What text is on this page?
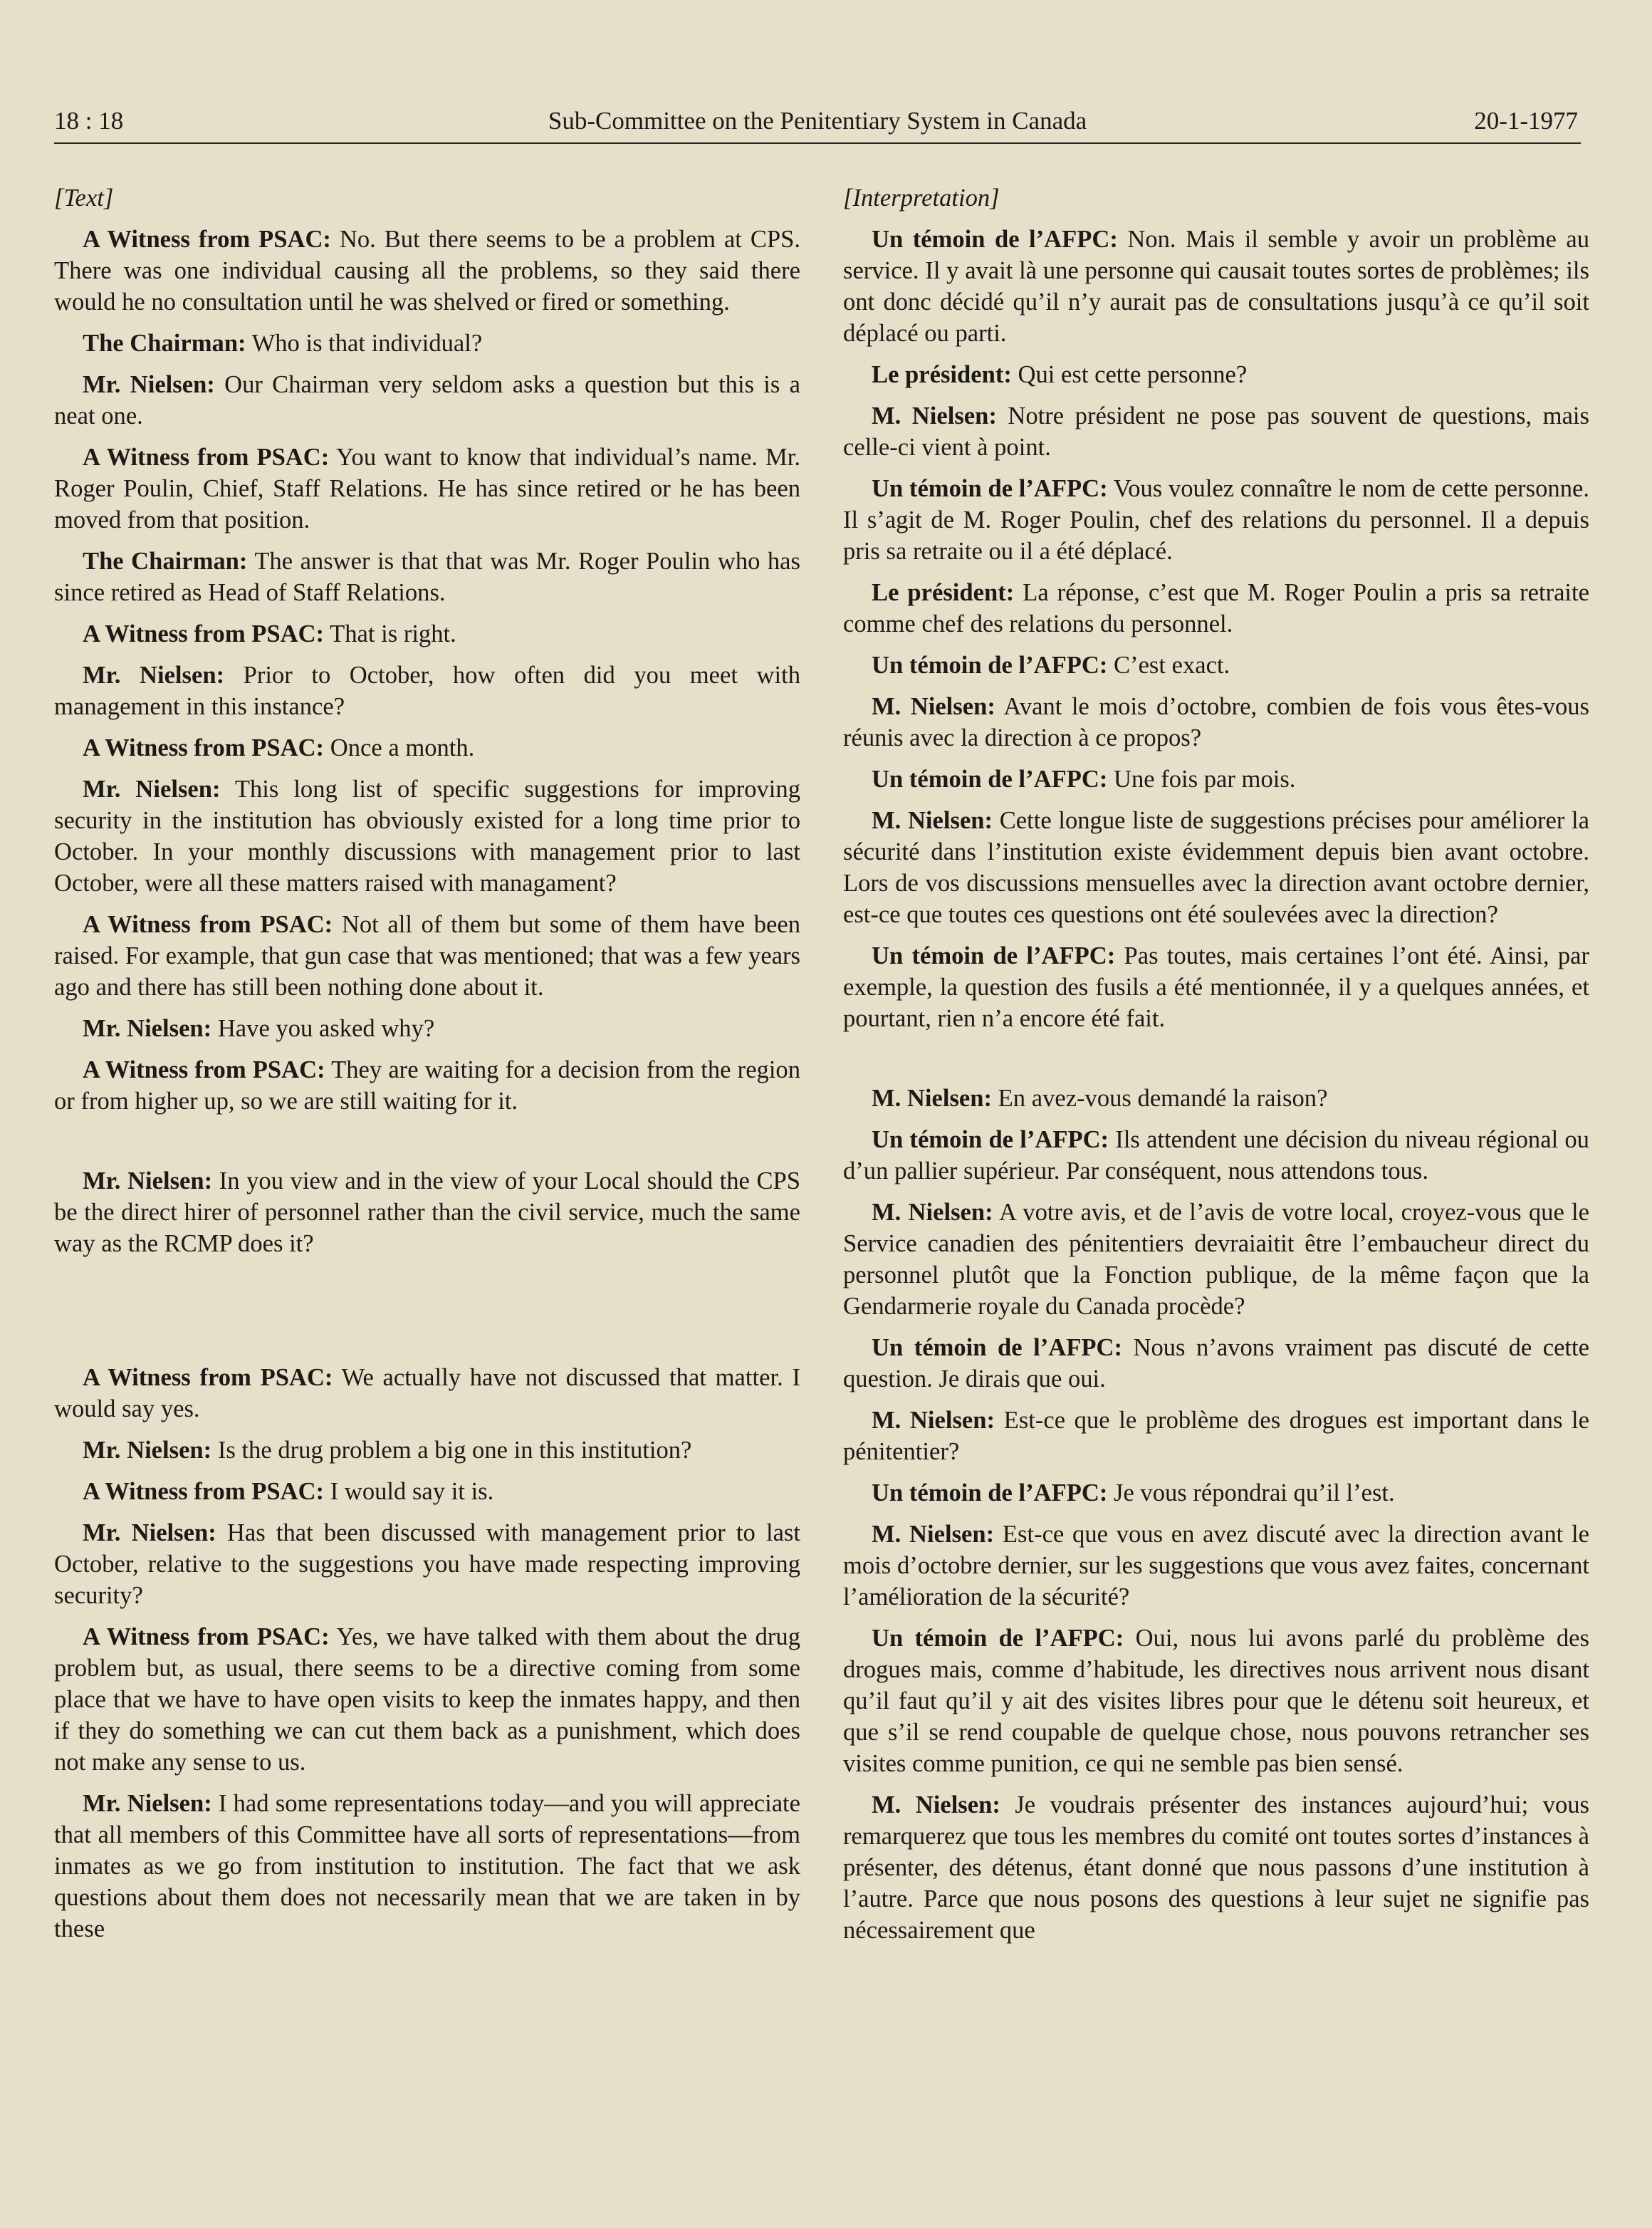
18 : 18	Sub-Committee on the Penitentiary System in Canada	20-1-1977
[Text]

A Witness from PSAC: No. But there seems to be a problem at CPS. There was one individual causing all the problems, so they said there would he no consultation until he was shelved or fired or something.

The Chairman: Who is that individual?

Mr. Nielsen: Our Chairman very seldom asks a question but this is a neat one.

A Witness from PSAC: You want to know that individual’s name. Mr. Roger Poulin, Chief, Staff Relations. He has since retired or he has been moved from that position.

The Chairman: The answer is that that was Mr. Roger Poulin who has since retired as Head of Staff Relations.

A Witness from PSAC: That is right.

Mr. Nielsen: Prior to October, how often did you meet with management in this instance?

A Witness from PSAC: Once a month.

Mr. Nielsen: This long list of specific suggestions for improving security in the institution has obviously existed for a long time prior to October. In your monthly discussions with management prior to last October, were all these matters raised with managament?

A Witness from PSAC: Not all of them but some of them have been raised. For example, that gun case that was mentioned; that was a few years ago and there has still been nothing done about it.

Mr. Nielsen: Have you asked why?

A Witness from PSAC: They are waiting for a decision from the region or from higher up, so we are still waiting for it.

Mr. Nielsen: In you view and in the view of your Local should the CPS be the direct hirer of personnel rather than the civil service, much the same way as the RCMP does it?

A Witness from PSAC: We actually have not discussed that matter. I would say yes.

Mr. Nielsen: Is the drug problem a big one in this institution?

A Witness from PSAC: I would say it is.

Mr. Nielsen: Has that been discussed with management prior to last October, relative to the suggestions you have made respecting improving security?

A Witness from PSAC: Yes, we have talked with them about the drug problem but, as usual, there seems to be a directive coming from some place that we have to have open visits to keep the inmates happy, and then if they do something we can cut them back as a punishment, which does not make any sense to us.

Mr. Nielsen: I had some representations today—and you will appreciate that all members of this Committee have all sorts of representations—from inmates as we go from institution to institution. The fact that we ask questions about them does not necessarily mean that we are taken in by these

[Interpretation]

Un témoin de l’AFPC: Non. Mais il semble y avoir un problème au service. Il y avait là une personne qui causait toutes sortes de problèmes; ils ont donc décidé qu’il n’y aurait pas de consultations jusqu’à ce qu’il soit déplacé ou parti.

Le président: Qui est cette personne?

M. Nielsen: Notre président ne pose pas souvent de questions, mais celle-ci vient à point.

Un témoin de l’AFPC: Vous voulez connaître le nom de cette personne. Il s’agit de M. Roger Poulin, chef des relations du personnel. Il a depuis pris sa retraite ou il a été déplacé.

Le président: La réponse, c’est que M. Roger Poulin a pris sa retraite comme chef des relations du personnel.

Un témoin de l’AFPC: C’est exact.

M. Nielsen: Avant le mois d’octobre, combien de fois vous êtes-vous réunis avec la direction à ce propos?

Un témoin de l’AFPC: Une fois par mois.

M. Nielsen: Cette longue liste de suggestions précises pour améliorer la sécurité dans l’institution existe évidemment depuis bien avant octobre. Lors de vos discussions mensuelles avec la direction avant octobre dernier, est-ce que toutes ces questions ont été soulevées avec la direction?

Un témoin de l’AFPC: Pas toutes, mais certaines l’ont été. Ainsi, par exemple, la question des fusils a été mentionnée, il y a quelques années, et pourtant, rien n’a encore été fait.

M. Nielsen: En avez-vous demandé la raison?

Un témoin de l’AFPC: Ils attendent une décision du niveau régional ou d’un pallier supérieur. Par conséquent, nous attendons tous.

M. Nielsen: A votre avis, et de l’avis de votre local, croyez-vous que le Service canadien des pénitentiers devraiaitit être l’embaucheur direct du personnel plutôt que la Fonction publique, de la même façon que la Gendarmerie royale du Canada procède?

Un témoin de l’AFPC: Nous n’avons vraiment pas discuté de cette question. Je dirais que oui.

M. Nielsen: Est-ce que le problème des drogues est important dans le pénitentier?

Un témoin de l’AFPC: Je vous répondrai qu’il l’est.

M. Nielsen: Est-ce que vous en avez discuté avec la direction avant le mois d’octobre dernier, sur les suggestions que vous avez faites, concernant l’amélioration de la sécurité?

Un témoin de l’AFPC: Oui, nous lui avons parlé du problème des drogues mais, comme d’habitude, les directives nous arrivent nous disant qu’il faut qu’il y ait des visites libres pour que le détenu soit heureux, et que s’il se rend coupable de quelque chose, nous pouvons retrancher ses visites comme punition, ce qui ne semble pas bien sensé.

M. Nielsen: Je voudrais présenter des instances aujourd’hui; vous remarquerez que tous les membres du comité ont toutes sortes d’instances à présenter, des détenus, étant donné que nous passons d’une institution à l’autre. Parce que nous posons des questions à leur sujet ne signifie pas nécessairement que
